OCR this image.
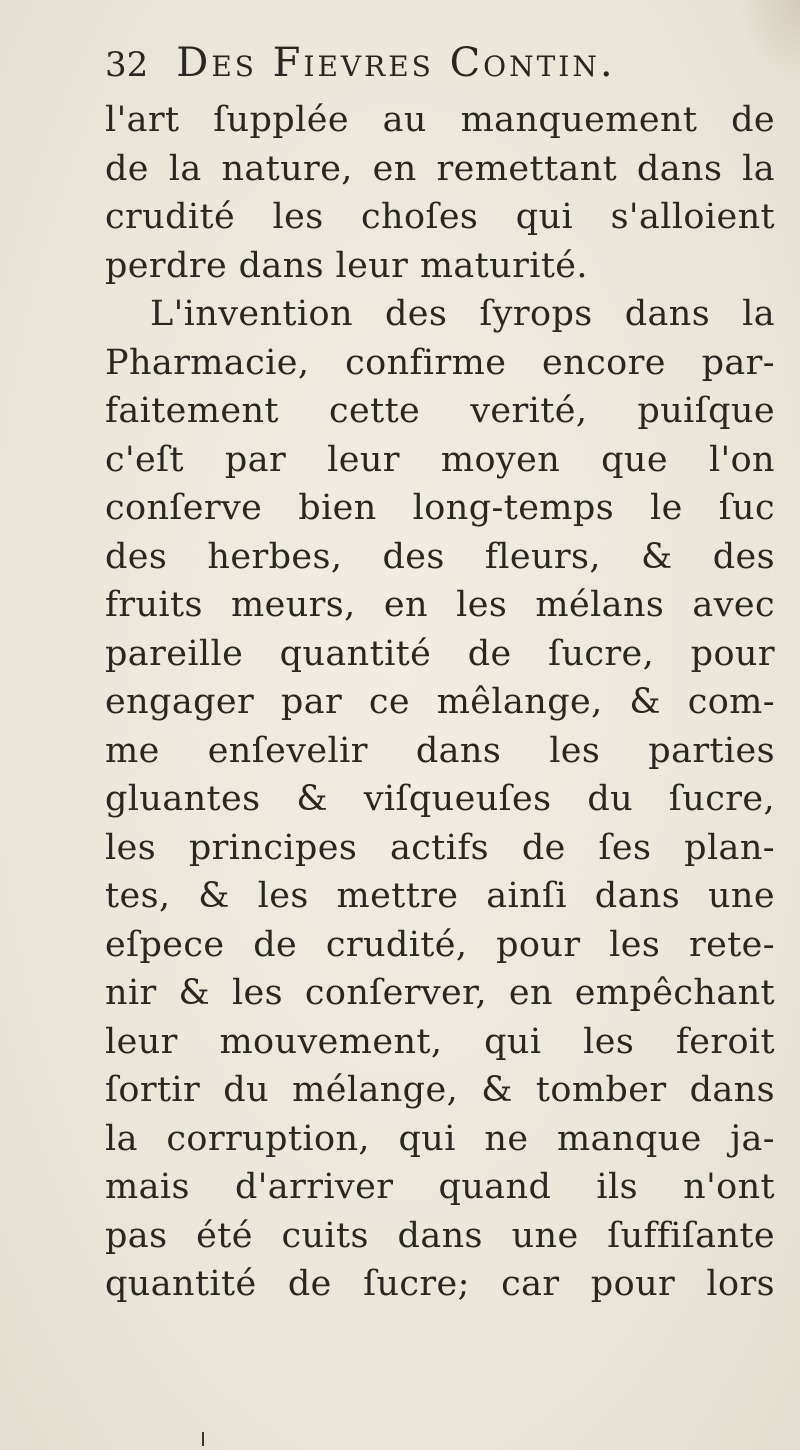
32 Des Fievres Contin.
l'art ſupplée au manquement de
de la nature, en remettant dans la
crudité les choſes qui s'alloient
perdre dans leur maturité.
L'invention des ſyrops dans la
Pharmacie, confirme encore par-
faitement cette verité, puiſque
c'eſt par leur moyen que l'on
conſerve bien long-temps le ſuc
des herbes, des fleurs, & des
fruits meurs, en les mélans avec
pareille quantité de ſucre, pour
engager par ce mêlange, & com-
me enſevelir dans les parties
gluantes & viſqueuſes du ſucre,
les principes actifs de ſes plan-
tes, & les mettre ainſi dans une
eſpece de crudité, pour les rete-
nir & les conſerver, en empêchant
leur mouvement, qui les feroit
ſortir du mélange, & tomber dans
la corruption, qui ne manque ja-
mais d'arriver quand ils n'ont
pas été cuits dans une ſuffiſante
quantité de ſucre; car pour lors
